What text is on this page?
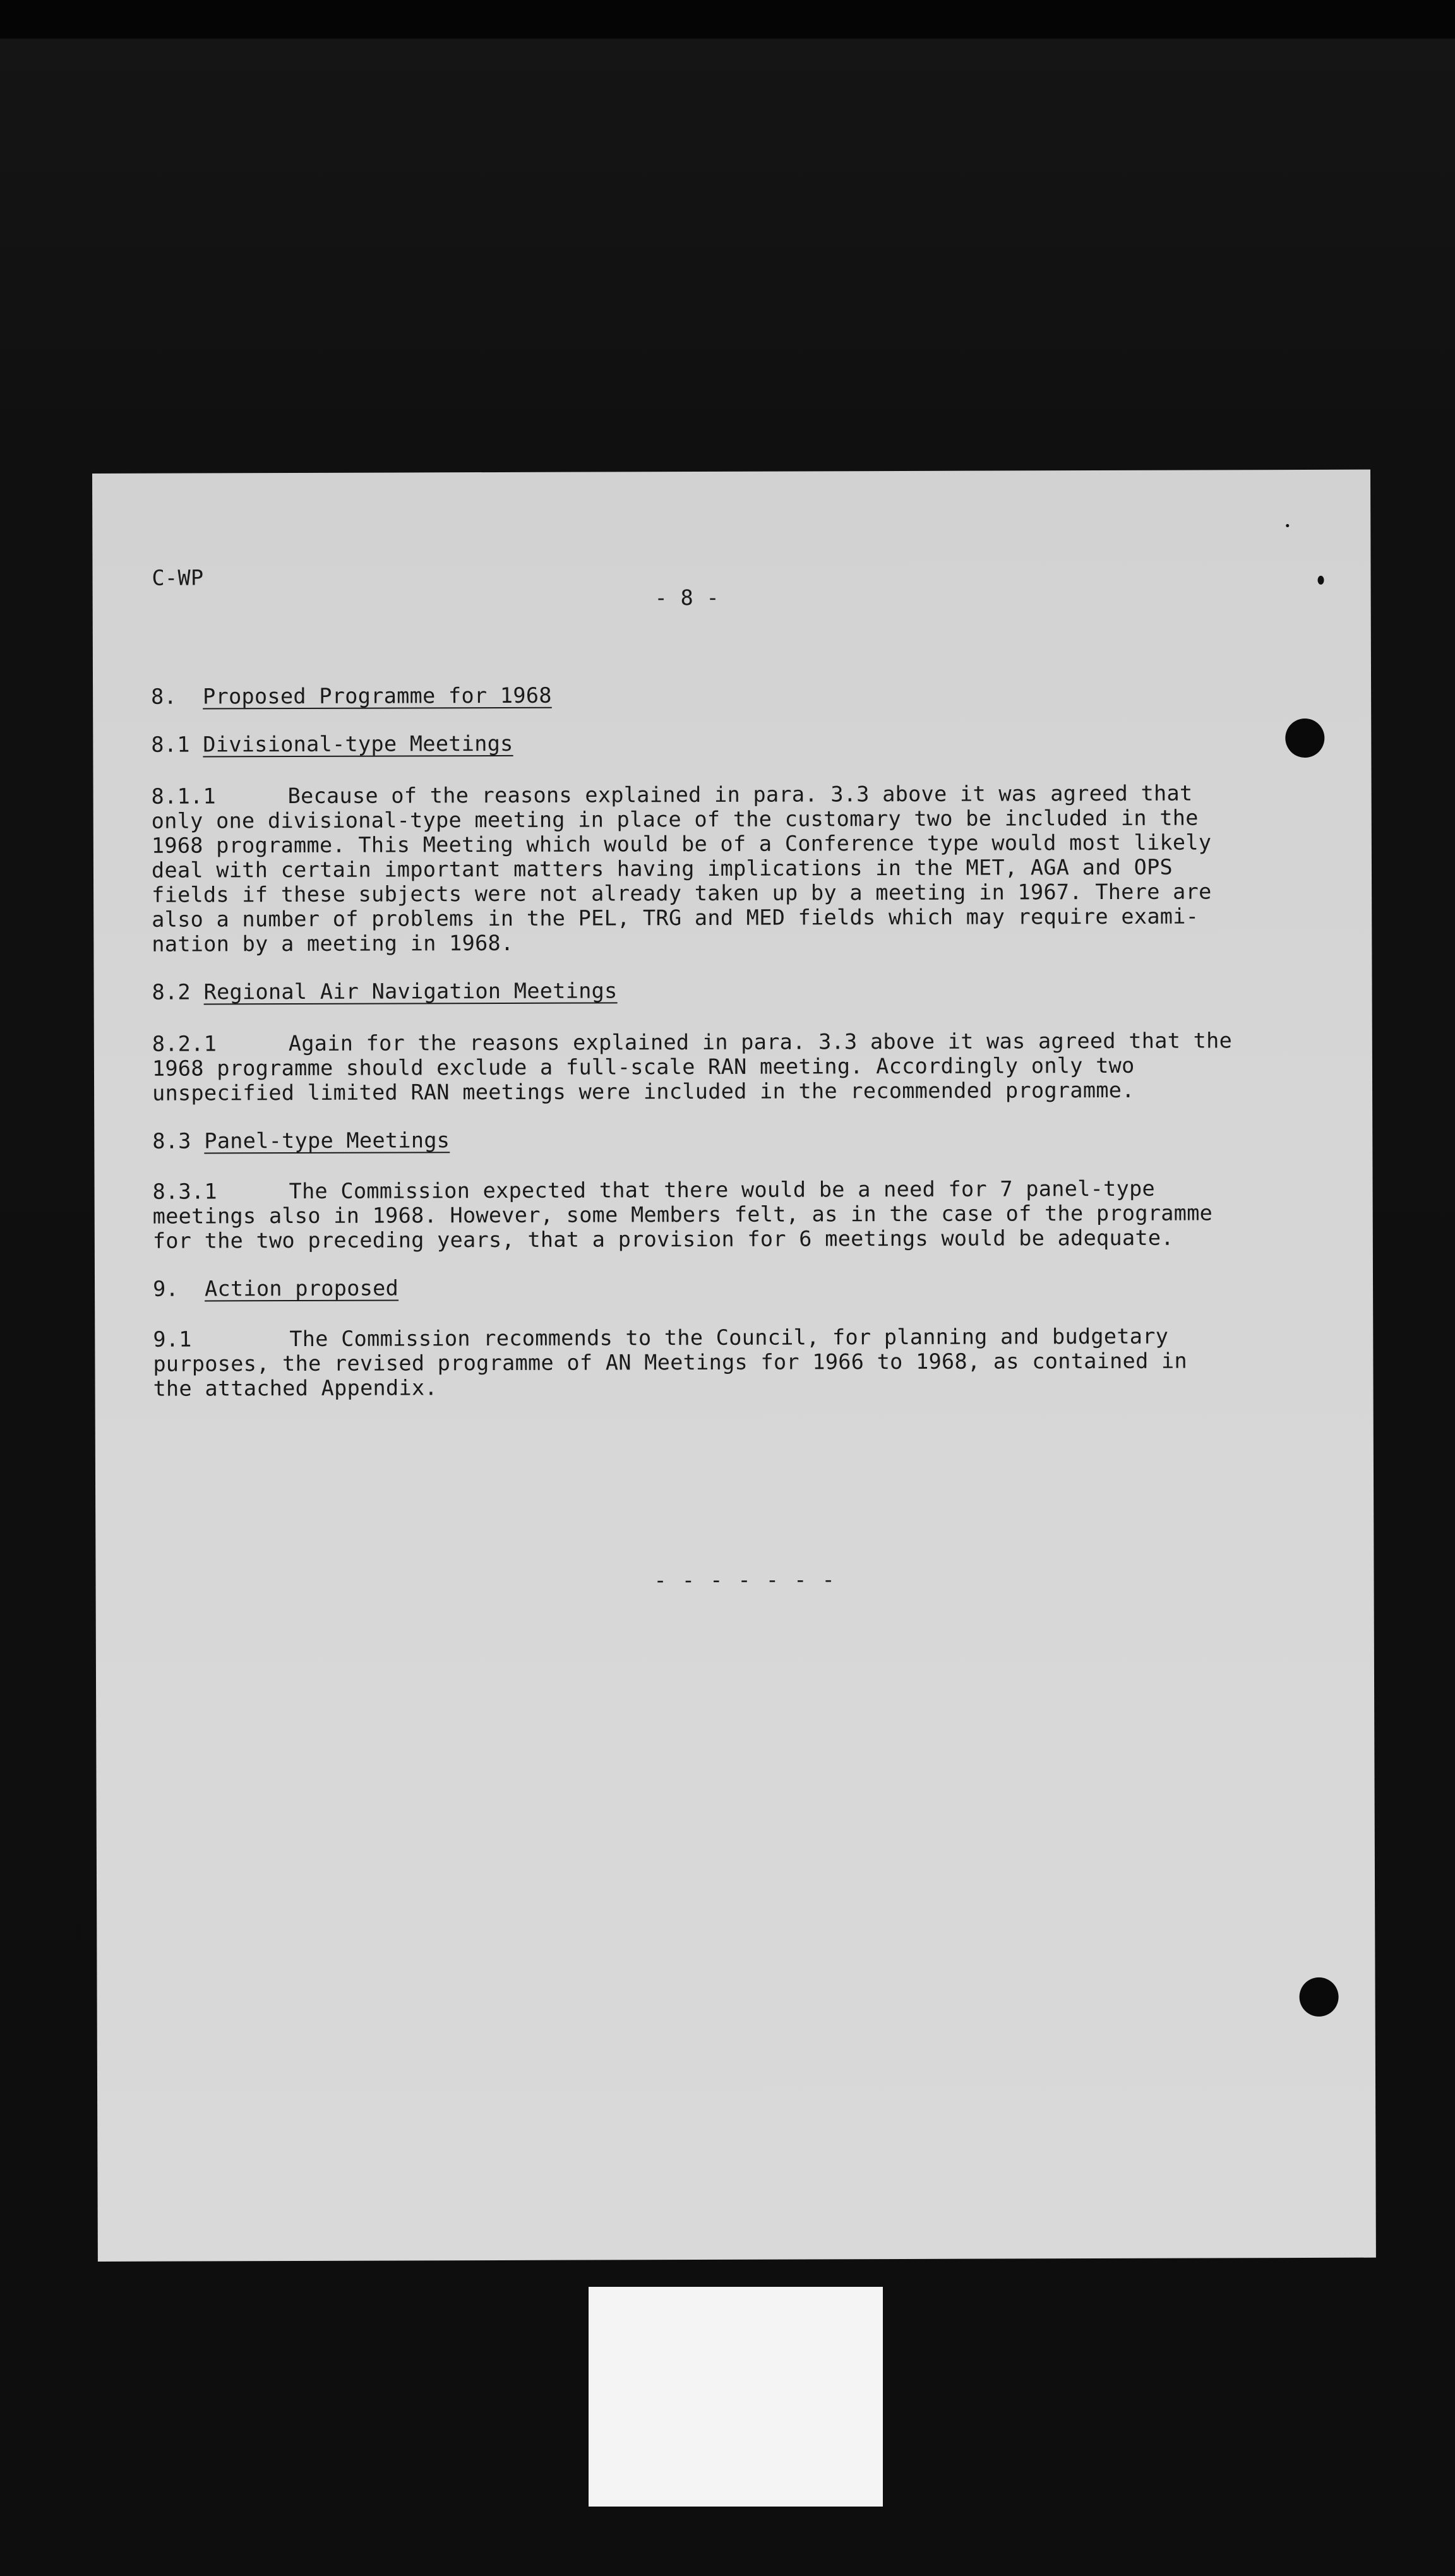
C-WP
- 8 -
8. Proposed Programme for 1968
8.1 Divisional-type Meetings
8.1.1	Because of the reasons explained in para. 3.3 above it was agreed that
only one divisional-type meeting in place of the customary two be included in the
1968 programme. This Meeting which would be of a Conference type would most likely
deal with certain important matters having implications in the MET, AGA and OPS
fields if these subjects were not already taken up by a meeting in 1967. There are
also a number of problems in the PEL, TRG and MED fields which may require exami-
nation by a meeting in 1968.
8.2 Regional Air Navigation Meetings
8.2.1	Again for the reasons explained in para. 3.3 above it was agreed that the
1968 programme should exclude a full-scale RAN meeting. Accordingly only two
unspecified limited RAN meetings were included in the recommended programme.
8.3 Panel-type Meetings
8.3.1	The Commission expected that there would be a need for 7 panel-type
meetings also in 1968. However, some Members felt, as in the case of the programme
for the two preceding years, that a provision for 6 meetings would be adequate.
9. Action proposed
9.1	The Commission recommends to the Council, for planning and budgetary
purposes, the revised programme of AN Meetings for 1966 to 1968, as contained in
the attached Appendix.
- - - - - - -
